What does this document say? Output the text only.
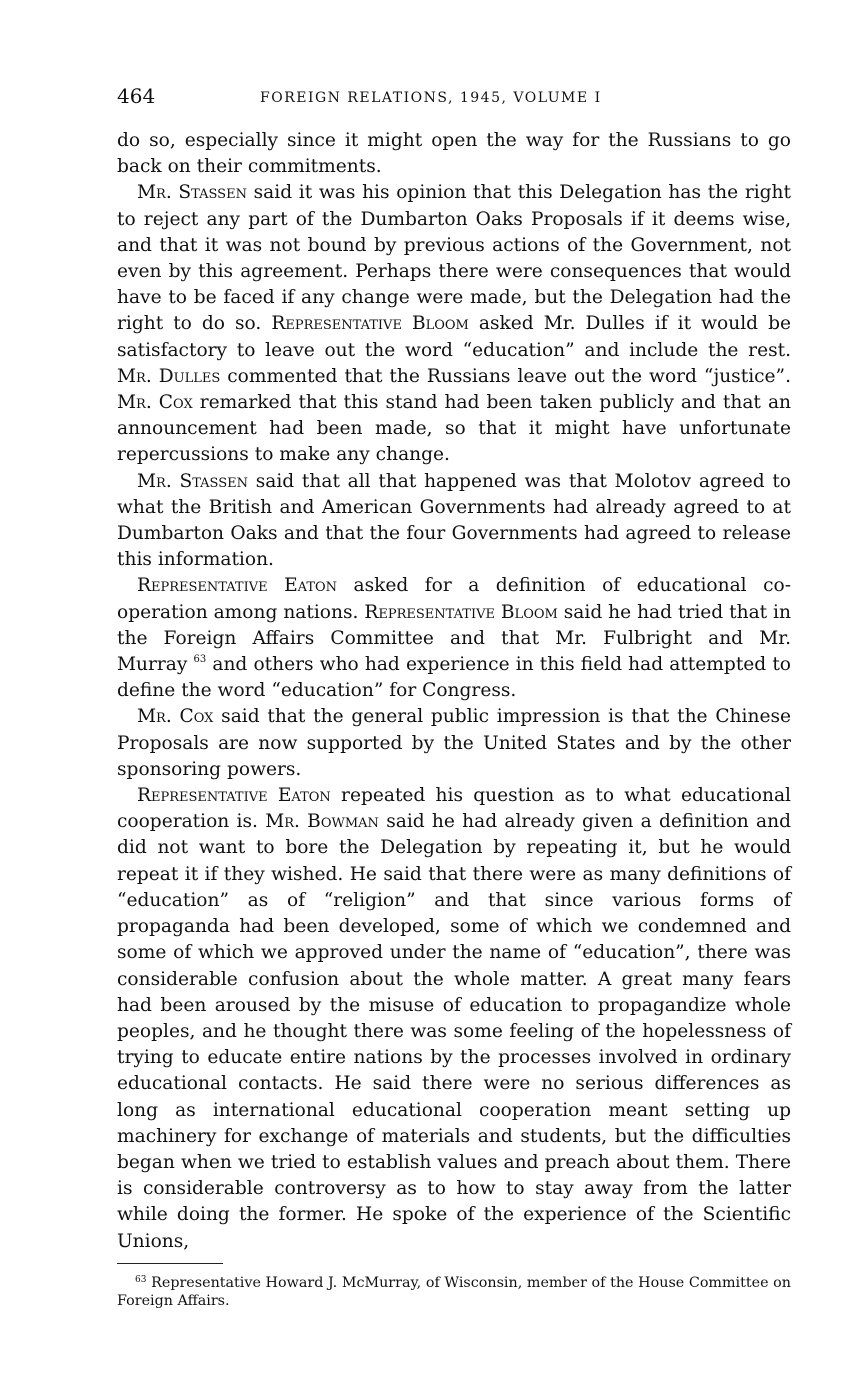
464	FOREIGN RELATIONS, 1945, VOLUME I

do so, especially since it might open the way for the Russians to go back on their commitments.

Mr. Stassen said it was his opinion that this Delegation has the right to reject any part of the Dumbarton Oaks Proposals if it deems wise, and that it was not bound by previous actions of the Government, not even by this agreement. Perhaps there were consequences that would have to be faced if any change were made, but the Delegation had the right to do so. Representative Bloom asked Mr. Dulles if it would be satisfactory to leave out the word “education” and include the rest. Mr. Dulles commented that the Russians leave out the word “justice”. Mr. Cox remarked that this stand had been taken publicly and that an announcement had been made, so that it might have unfortunate repercussions to make any change.

Mr. Stassen said that all that happened was that Molotov agreed to what the British and American Governments had already agreed to at Dumbarton Oaks and that the four Governments had agreed to release this information.

Representative Eaton asked for a definition of educational co-operation among nations. Representative Bloom said he had tried that in the Foreign Affairs Committee and that Mr. Fulbright and Mr. Murray $^{63}$ and others who had experience in this field had attempted to define the word “education” for Congress.

Mr. Cox said that the general public impression is that the Chinese Proposals are now supported by the United States and by the other sponsoring powers.

Representative Eaton repeated his question as to what educational cooperation is. Mr. Bowman said he had already given a definition and did not want to bore the Delegation by repeating it, but he would repeat it if they wished. He said that there were as many definitions of “education” as of “religion” and that since various forms of propaganda had been developed, some of which we condemned and some of which we approved under the name of “education”, there was considerable confusion about the whole matter. A great many fears had been aroused by the misuse of education to propagandize whole peoples, and he thought there was some feeling of the hopelessness of trying to educate entire nations by the processes involved in ordinary educational contacts. He said there were no serious differences as long as international educational cooperation meant setting up machinery for exchange of materials and students, but the difficulties began when we tried to establish values and preach about them. There is considerable controversy as to how to stay away from the latter while doing the former. He spoke of the experience of the Scientific Unions,

$^{63}$ Representative Howard J. McMurray, of Wisconsin, member of the House Committee on Foreign Affairs.
